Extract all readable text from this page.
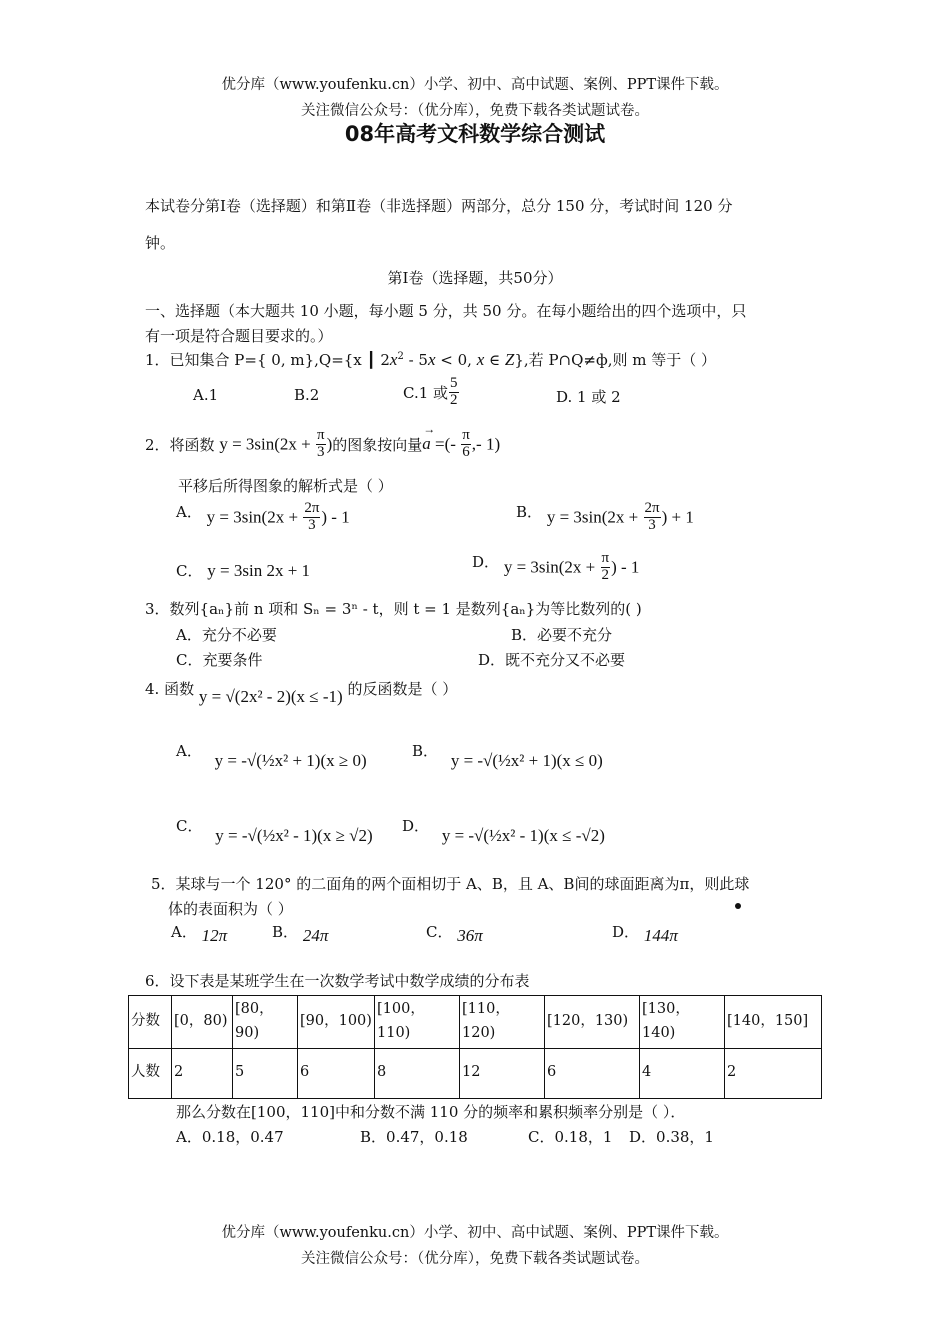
优分库（www.youfenku.cn）小学、初中、高中试题、案例、PPT课件下载。
关注微信公众号：（优分库），免费下载各类试题试卷。
08年高考文科数学综合测试
本试卷分第Ⅰ卷（选择题）和第Ⅱ卷（非选择题）两部分，总分 150 分，考试时间 120 分
钟。
第Ⅰ卷（选择题，共50分）
一、选择题（本大题共 10 小题，每小题 5 分，共 50 分。在每小题给出的四个选项中，只
有一项是符合题目要求的。）
1．已知集合 P={ 0, m},Q={x ┃ $2x^2 - 5x < 0$, x ∈ Z},若 P∩Q≠ф,则 m 等于（ ）
A.1	B.2	C.1 或 $\frac{5}{2}$	D. 1 或 2
2．将函数 $y = 3\sin(2x + \frac{\pi}{3}$ )的图象按向量
→
a =(- $\frac{\pi}{6}$ ,- 1)
平移后所得图象的解析式是（ ）
A． $y = 3\sin(2x + \frac{2\pi}{3}$ ) - 1	B． $y = 3\sin(2x + \frac{2\pi}{3}$ ) + 1
C． y = 3sin 2x + 1	D． $y = 3\sin(2x + \frac{\pi}{2}$ ) - 1
3．数列{aₙ}前 n 项和 Sₙ = 3ⁿ - t，则 t = 1 是数列{aₙ}为等比数列的( )
A．充分不必要	B．必要不充分
C．充要条件	D．既不充分又不必要
4. 函数 y = √(2x² - 2)(x ≤ -1) 的反函数是（ ）
A． y = -√(½x² + 1)(x ≥ 0)	B． y = -√(½x² + 1)(x ≤ 0)
C． y = -√(½x² - 1)(x ≥ √2) D． y = -√(½x² - 1)(x ≤ -√2)
5．某球与一个 120° 的二面角的两个面相切于 A、B，且 A、B间的球面距离为π，则此球
体的表面积为（ ）
A． 12π	B． 24π	C． 36π	D． 144π
6．设下表是某班学生在一次数学考试中数学成绩的分布表
分数	[0，80)	[80，90)	[90，100)	[100，110)	[110，120)	[120，130)	[130，140)	[140，150]
人数	2	5	6	8	12	6	4	2
那么分数在[100，110]中和分数不满 110 分的频率和累积频率分别是（ ）．
A．0.18，0.47	B．0.47，0.18	C．0.18，1 D．0.38，1
优分库（www.youfenku.cn）小学、初中、高中试题、案例、PPT课件下载。
关注微信公众号：（优分库），免费下载各类试题试卷。
